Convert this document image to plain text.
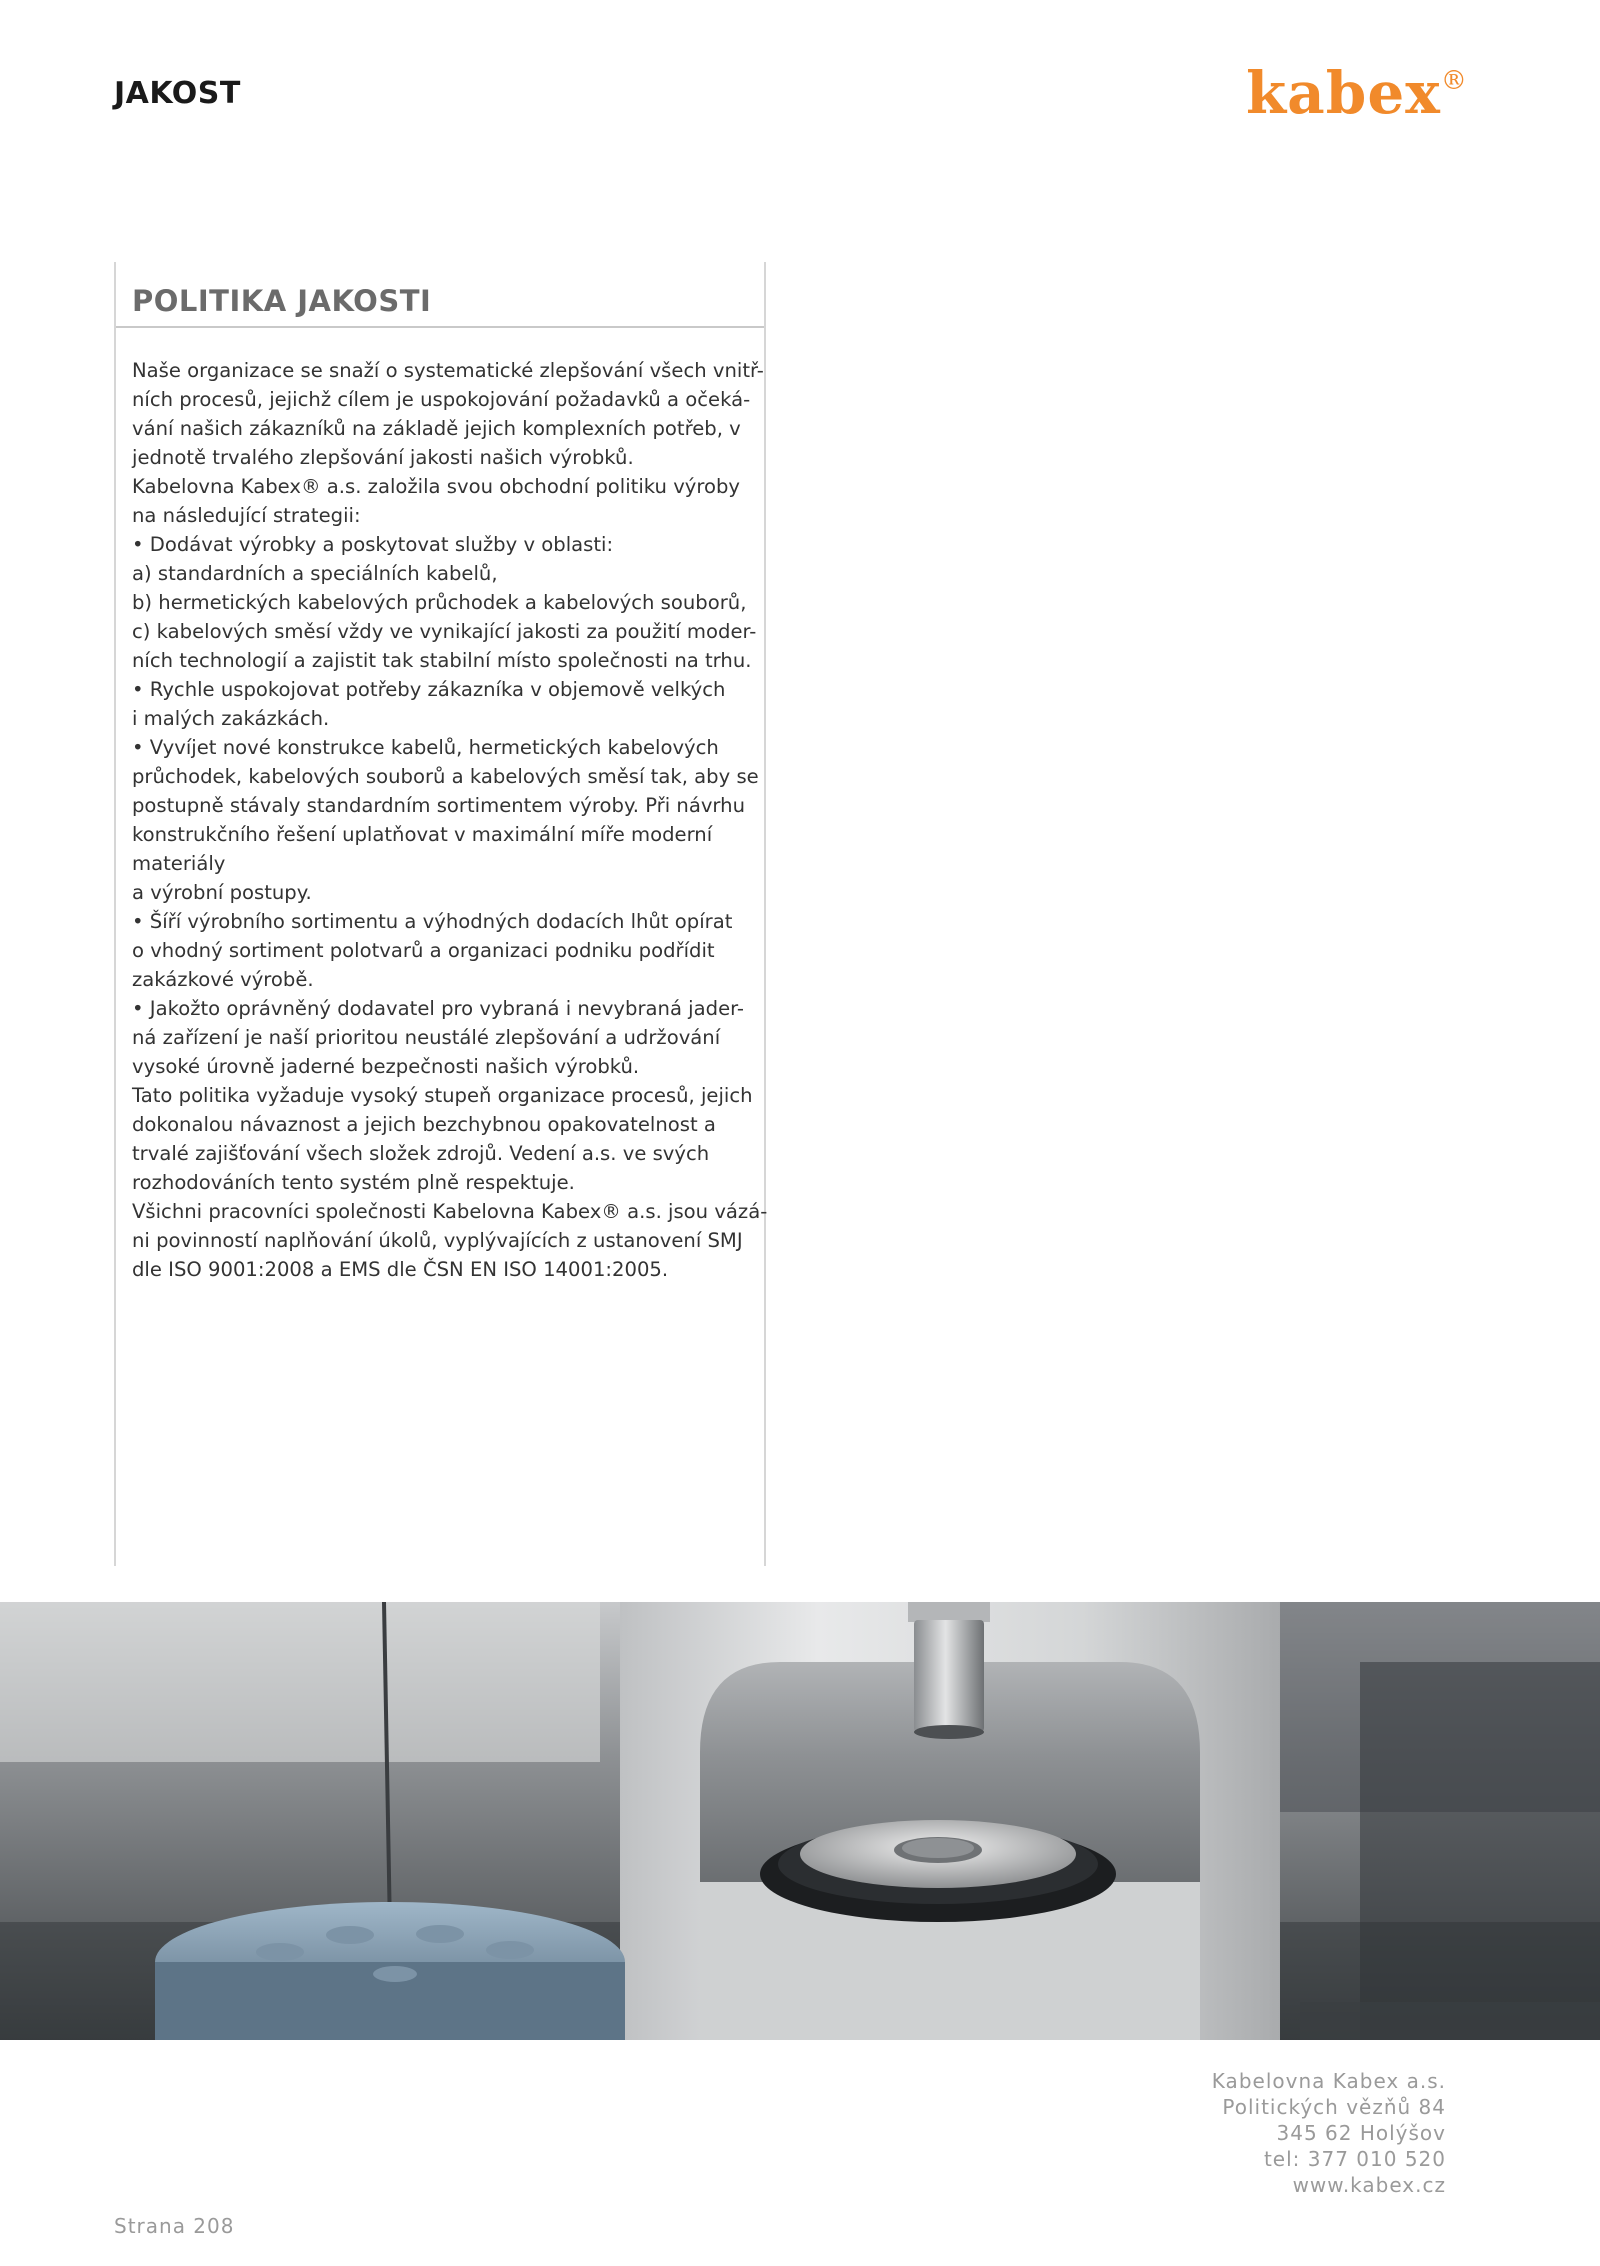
JAKOST	kabex®
POLITIKA JAKOSTI
Naše organizace se snaží o systematické zlepšování všech vnitř-
ních procesů, jejichž cílem je uspokojování požadavků a očeká-
vání našich zákazníků na základě jejich komplexních potřeb, v
jednotě trvalého zlepšování jakosti našich výrobků.
Kabelovna Kabex® a.s. založila svou obchodní politiku výroby
na následující strategii:
• Dodávat výrobky a poskytovat služby v oblasti:
a) standardních a speciálních kabelů,
b) hermetických kabelových průchodek a kabelových souborů,
c) kabelových směsí vždy ve vynikající jakosti za použití moder-
ních technologií a zajistit tak stabilní místo společnosti na trhu.
• Rychle uspokojovat potřeby zákazníka v objemově velkých
i malých zakázkách.
• Vyvíjet nové konstrukce kabelů, hermetických kabelových
průchodek, kabelových souborů a kabelových směsí tak, aby se
postupně stávaly standardním sortimentem výroby. Při návrhu
konstrukčního řešení uplatňovat v maximální míře moderní
materiály
a výrobní postupy.
• Šíří výrobního sortimentu a výhodných dodacích lhůt opírat
o vhodný sortiment polotvarů a organizaci podniku podřídit
zakázkové výrobě.
• Jakožto oprávněný dodavatel pro vybraná i nevybraná jader-
ná zařízení je naší prioritou neustálé zlepšování a udržování
vysoké úrovně jaderné bezpečnosti našich výrobků.
Tato politika vyžaduje vysoký stupeň organizace procesů, jejich
dokonalou návaznost a jejich bezchybnou opakovatelnost a
trvalé zajišťování všech složek zdrojů. Vedení a.s. ve svých
rozhodováních tento systém plně respektuje.
Všichni pracovníci společnosti Kabelovna Kabex® a.s. jsou vázá-
ni povinností naplňování úkolů, vyplývajících z ustanovení SMJ
dle ISO 9001:2008 a EMS dle ČSN EN ISO 14001:2005.
Kabelovna Kabex a.s.
Politických vězňů 84
345 62 Holýšov
tel: 377 010 520
www.kabex.cz
Strana 208
